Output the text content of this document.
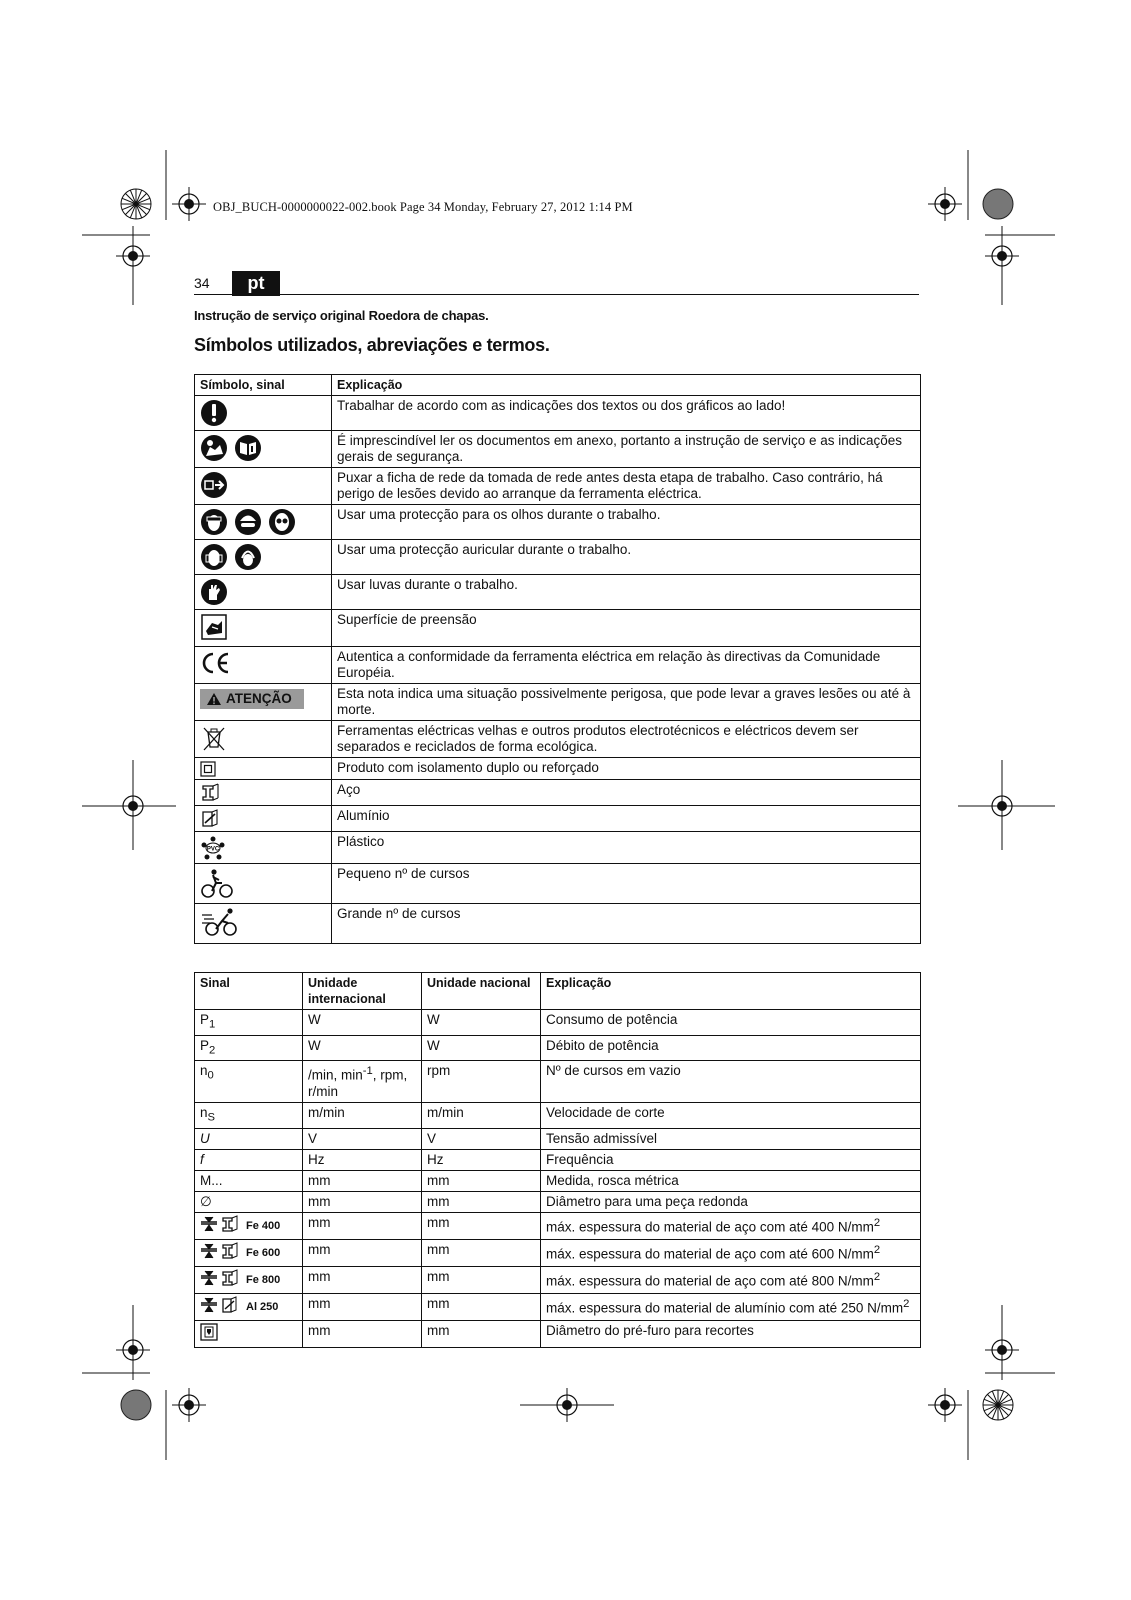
OBJ_BUCH-0000000022-002.book Page 34 Monday, February 27, 2012 1:14 PM
34	pt
Instrução de serviço original Roedora de chapas.
Símbolos utilizados, abreviações e termos.
Símbolo, sinal	Explicação

	Trabalhar de acordo com as indicações dos textos ou dos gráficos ao lado!

	É imprescindível ler os documentos em anexo, portanto a instrução de serviço e as indicações gerais de segurança.

	Puxar a ficha de rede da tomada de rede antes desta etapa de trabalho. Caso contrário, há perigo de lesões devido ao arranque da ferramenta eléctrica.

	Usar uma protecção para os olhos durante o trabalho.

	Usar uma protecção auricular durante o trabalho.

	Usar luvas durante o trabalho.

	Superfície de preensão

	Autentica a conformidade da ferramenta eléctrica em relação às directivas da Comunidade Européia.

ATENÇÃO	Esta nota indica uma situação possivelmente perigosa, que pode levar a graves lesões ou até à morte.

	Ferramentas eléctricas velhas e outros produtos electrotécnicos e eléctricos devem ser separados e reciclados de forma ecológica.

	Produto com isolamento duplo ou reforçado

	Aço

	Alumínio

PVC	Plástico

	Pequeno nº de cursos

	Grande nº de cursos
Sinal	Unidade internacional	Unidade nacional	Explicação
$P_1$	W	W	Consumo de potência
$P_2$	W	W	Débito de potência
$n_0$	/min, $\min^{-1}$, rpm, r/min	rpm	Nº de cursos em vazio
$n_S$	m/min	m/min	Velocidade de corte
U	V	V	Tensão admissível
f	Hz	Hz	Frequência
M...	mm	mm	Medida, rosca métrica
∅	mm	mm	Diâmetro para uma peça redonda

Fe 400	mm	mm	máx. espessura do material de aço com até 400 $N/mm^2$

Fe 600	mm	mm	máx. espessura do material de aço com até 600 $N/mm^2$

Fe 800	mm	mm	máx. espessura do material de aço com até 800 $N/mm^2$

Al 250	mm	mm	máx. espessura do material de alumínio com até 250 $N/mm^2$
	mm	mm	Diâmetro do pré-furo para recortes
